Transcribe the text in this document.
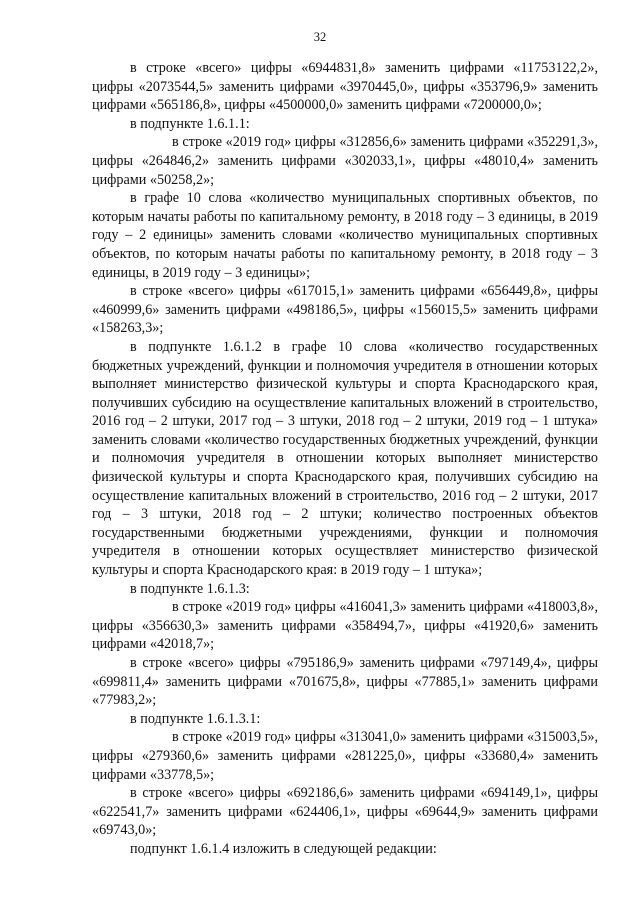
32

в строке «всего» цифры «6944831,8» заменить цифрами «11753122,2», цифры «2073544,5» заменить цифрами «3970445,0», цифры «353796,9» заменить цифрами «565186,8», цифры «4500000,0» заменить цифрами «7200000,0»;

в подпункте 1.6.1.1:

в строке «2019 год» цифры «312856,6» заменить цифрами «352291,3», цифры «264846,2» заменить цифрами «302033,1», цифры «48010,4» заменить цифрами «50258,2»;

в графе 10 слова «количество муниципальных спортивных объектов, по которым начаты работы по капитальному ремонту, в 2018 году – 3 единицы, в 2019 году – 2 единицы» заменить словами «количество муниципальных спортивных объектов, по которым начаты работы по капитальному ремонту, в 2018 году – 3 единицы, в 2019 году – 3 единицы»;

в строке «всего» цифры «617015,1» заменить цифрами «656449,8», цифры «460999,6» заменить цифрами «498186,5», цифры «156015,5» заменить цифрами «158263,3»;

в подпункте 1.6.1.2 в графе 10 слова «количество государственных бюджетных учреждений, функции и полномочия учредителя в отношении которых выполняет министерство физической культуры и спорта Краснодарского края, получивших субсидию на осуществление капитальных вложений в строительство, 2016 год – 2 штуки, 2017 год – 3 штуки, 2018 год – 2 штуки, 2019 год – 1 штука» заменить словами «количество государственных бюджетных учреждений, функции и полномочия учредителя в отношении которых выполняет министерство физической культуры и спорта Краснодарского края, получивших субсидию на осуществление капитальных вложений в строительство, 2016 год – 2 штуки, 2017 год – 3 штуки, 2018 год – 2 штуки; количество построенных объектов государственными бюджетными учреждениями, функции и полномочия учредителя в отношении которых осуществляет министерство физической культуры и спорта Краснодарского края: в 2019 году – 1 штука»;

в подпункте 1.6.1.3:

в строке «2019 год» цифры «416041,3» заменить цифрами «418003,8», цифры «356630,3» заменить цифрами «358494,7», цифры «41920,6» заменить цифрами «42018,7»;

в строке «всего» цифры «795186,9» заменить цифрами «797149,4», цифры «699811,4» заменить цифрами «701675,8», цифры «77885,1» заменить цифрами «77983,2»;

в подпункте 1.6.1.3.1:

в строке «2019 год» цифры «313041,0» заменить цифрами «315003,5», цифры «279360,6» заменить цифрами «281225,0», цифры «33680,4» заменить цифрами «33778,5»;

в строке «всего» цифры «692186,6» заменить цифрами «694149,1», цифры «622541,7» заменить цифрами «624406,1», цифры «69644,9» заменить цифрами «69743,0»;

подпункт 1.6.1.4 изложить в следующей редакции:
